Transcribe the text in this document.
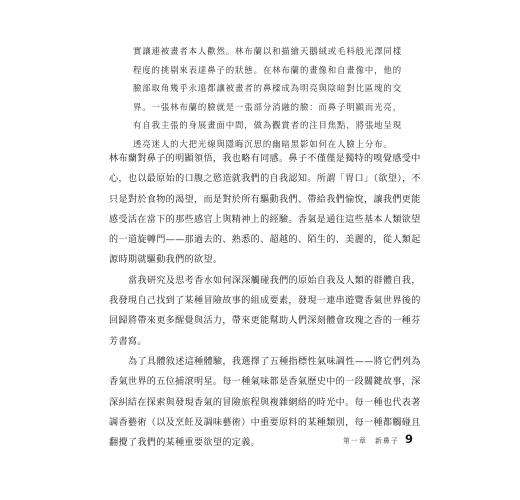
實讓連被畫者本人歡然。林布蘭以和描繪天鵝絨或毛料般光澤同樣程度的挑剔來表達鼻子的狀態。在林布蘭的畫像和自畫像中，他的臉部取角幾乎永遠都讓被畫者的鼻樑成為明亮與陰暗對比區塊的交界。一張林布蘭的臉就是一張部分消融的臉：而鼻子明顯而光亮，有自我主張的身展畫面中間，做為觀賞者的注目焦點，將張地呈現透亮迷人的大把光線與隱晦沉思的幽暗黑影如何在人臉上分布。

林布蘭對鼻子的明顯領悟，我也略有同感。鼻子不僅僅是獨特的嗅覺感受中心，也以最原始的口腹之慾造就我們的自我認知。所謂「胃口」（欲望），不只是對於食物的渴望，而是對於所有驅動我們、帶給我們愉悅，讓我們更能感受活在當下的那些感官上與精神上的經驗。香氣是通往這些基本人類欲望的一道旋轉門——那過去的、熟悉的、超越的、陌生的、美麗的，從人類起源時期就驅動我們的欲望。

當我研究及思考香水如何深深觸碰我們的原始自我及人類的群體自我，我發現自己找到了某種冒險故事的組成要素，發現一連串遊覽香氣世界後的回歸將帶來更多醒覺與活力，帶來更能幫助人們深刻體會玫瑰之香的一種芬芳書寫。

為了具體敘述這種體驗，我選擇了五種指標性氣味調性——將它們列為香氣世界的五位捕滾明星。每一種氣味都是香氣歷史中的一段關鍵故事，深深糾結在探索與發現香氣的冒險旅程與複雜網絡的時光中。每一種也代表著調香藝術（以及烹飪及調味藝術）中重要原料的某種類別，每一種都觸碰且翻攪了我們的某種重要欲望的定義。	第一章　新鼻子 9
